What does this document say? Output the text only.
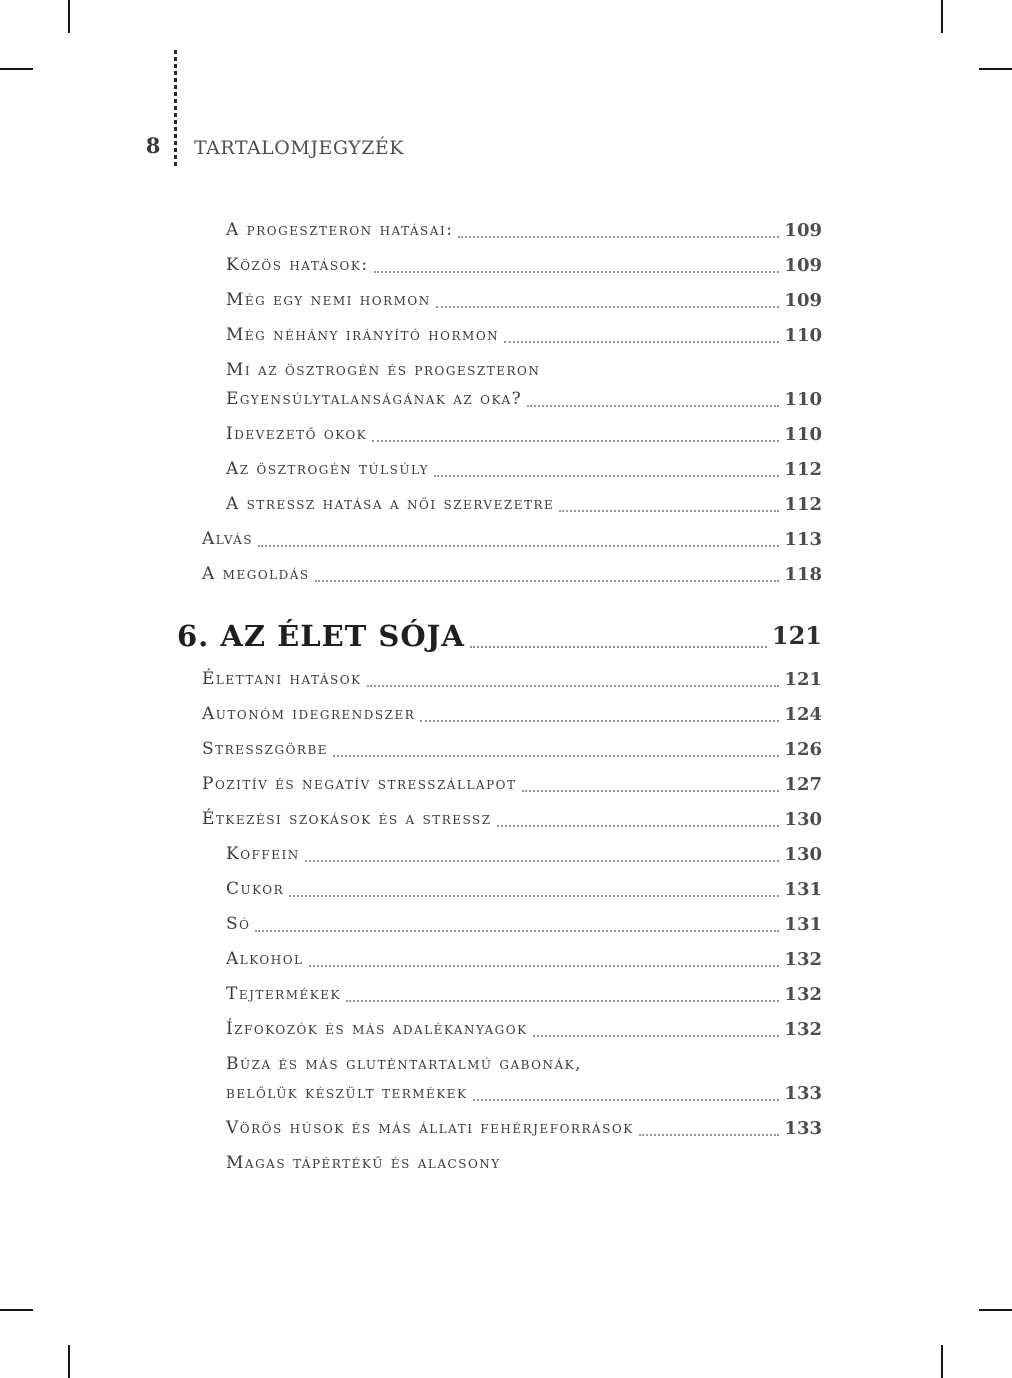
8	TARTALOMJEGYZÉK
A progeszteron hatásai:	109
Közös hatások:	109
Még egy nemi hormon	109
Még néhány irányító hormon	110
Mi az ösztrogén és progeszteron
Egyensúlytalanságának az oka?	110
Idevezető okok	110
Az ösztrogén túlsúly	112
A stressz hatása a női szervezetre	112
Alvás	113
A megoldás	118
6. AZ ÉLET SÓJA	121
Élettani hatások	121
Autonóm idegrendszer	124
Stresszgörbe	126
Pozitív és negatív stresszállapot	127
Étkezési szokások és a stressz	130
Koffein	130
Cukor	131
Só	131
Alkohol	132
Tejtermékek	132
Ízfokozók és más adalékanyagok	132
Búza és más gluténtartalmú gabonák,
belőlük készült termékek	133
Vörös húsok és más állati fehérjeforrások	133
Magas tápértékű és alacsony
